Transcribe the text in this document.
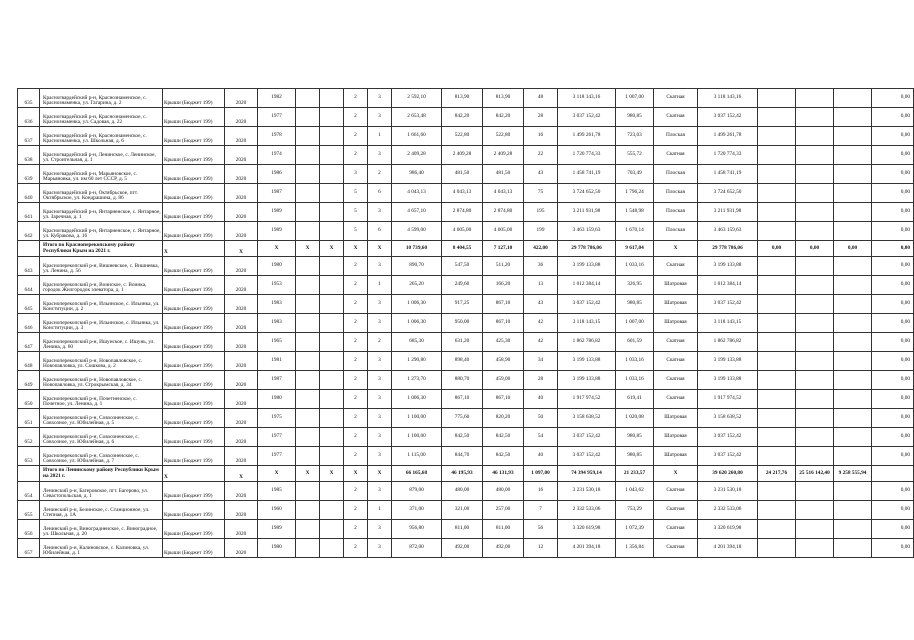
635	Красногвардейский р-н, Краснознаменское, с. Краснознаменка, ул. Гагарина, д. 2	Крыши (Бюджет 199)	2020	1982			2	3	2 592,10	813,90	813,90	48	3 118 143,16	1 007,00	Скатная	3 118 143,16				0,00
636	Красногвардейский р-н, Краснознаменское, с. Краснознаменка, ул. Садовая, д. 22	Крыши (Бюджет 199)	2020	1977			2	3	2 653,48	842,20	842,20	28	3 037 152,42	980,85	Скатная	3 037 152,42				0,00
637	Красногвардейский р-н, Краснознаменское, с. Краснознаменка, ул. Школьная, д. 6	Крыши (Бюджет 199)	2020	1978			2	1	1 661,60	522,80	522,80	16	1 499 261,78	723,03	Плоская	1 499 261,78				0,00
638	Красногвардейский р-н, Ленинское, с. Ленинское, ул. Строительная, д. 1	Крыши (Бюджет 199)	2020	1974			2	3	2 409,28	2 409,28	2 409,28	22	1 720 774,33	555,72	Скатная	1 720 774,33				0,00
639	Красногвардейский р-н, Марьяновское, с. Марьяновка, ул. им 60 лет СССР, д. 5	Крыши (Бюджет 199)	2020	1986			3	2	986,40	481,50	481,50	43	1 458 741,19	703,49	Плоская	1 458 741,19				0,00
640	Красногвардейский р-н, Октябрьское, пгт. Октябрьское, ул. Кондрашина, д. 86	Крыши (Бюджет 199)	2020	1987			5	6	4 043,13	4 043,13	4 043,13	75	3 724 652,50	1 796,24	Плоская	3 724 652,50				0,00
641	Красногвардейский р-н, Янтарненское, с. Янтарное, ул. Заречная, д. 1	Крыши (Бюджет 199)	2020	1989			5	3	4 657,10	2 874,80	2 874,80	195	3 211 931,98	1 548,98	Плоская	3 211 931,98				0,00
642	Красногвардейский р-н, Янтарненское, с. Янтарное, ул. Кубракова, д. 16	Крыши (Бюджет 199)	2020	1989			5	6	4 599,00	4 005,00	4 005,00	199	3 463 159,63	1 670,14	Плоская	3 463 159,63				0,00
	Итого по Красноперекопскому району Республики Крым на 2021 г.	X	X	X	X	X	X	X	10 739,60	8 404,55	7 127,10	422,00	29 778 786,06	9 617,04	X	29 778 786,06	0,00	0,00	0,00	0,00
643	Красноперекопский р-н, Вишневское, с. Вишневка, ул. Ленина, д. 56	Крыши (Бюджет 199)	2020	1980			2	3	890,70	547,50	511,20	36	3 199 133,88	1 033,16	Скатная	3 199 133,88				0,00
644	Красноперекопский р-н, Воинское, с. Воинка, городок Жилгородок элеватора, д. 1	Крыши (Бюджет 199)	2020	1953			2	1	265,20	249,60	166,20	13	1 012 384,14	326,95	Шатровая	1 012 384,14				0,00
645	Красноперекопский р-н, Ильинское, с. Ильинка, ул. Конституции, д. 2	Крыши (Бюджет 199)	2020	1983			2	3	1 006,30	917,25	867,10	43	3 037 152,42	980,85	Шатровая	3 037 152,42				0,00
646	Красноперекопский р-н, Ильинское, с. Ильинка, ул. Конституции, д. 3	Крыши (Бюджет 199)	2020	1983			2	3	1 006,30	950,00	867,10	42	3 118 143,15	1 007,00	Шатровая	3 118 143,15				0,00
647	Красноперекопский р-н, Ишунское, с. Ишунь, ул. Ленина, д. 60	Крыши (Бюджет 199)	2020	1965			2	2	685,30	631,20	425,30	42	1 862 786,82	601,59	Скатная	1 862 786,82				0,00
648	Красноперекопский р-н, Новопавловское, с. Новопавловка, ул. Сошкова, д. 2	Крыши (Бюджет 199)	2020	1981			2	3	1 290,80	898,40	458,90	34	3 199 133,88	1 033,16	Скатная	3 199 133,88				0,00
649	Красноперекопский р-н, Новопавловское, с. Новопавловка, ул. Строкрымская, д. 34	Крыши (Бюджет 199)	2020	1987			2	3	1 273,70	880,70	459,00	28	3 199 133,88	1 033,16	Скатная	3 199 133,88				0,00
650	Красноперекопский р-н, Почетненское, с. Почетное, ул. Ленина, д. 1	Крыши (Бюджет 199)	2020	1980			2	3	1 006,30	867,10	867,10	40	1 917 974,52	619,41	Скатная	1 917 974,52				0,00
651	Красноперекопский р-н, Совхозненское, с. Совхозное, ул. Юбилейная, д. 5	Крыши (Бюджет 199)	2020	1975			2	3	1 100,00	775,60	820,20	50	3 158 638,52	1 020,08	Шатровая	3 158 638,52				0,00
652	Красноперекопский р-н, Совхозненское, с. Совхозное, ул. Юбилейная, д. 6	Крыши (Бюджет 199)	2020	1977			2	3	1 100,00	842,50	842,50	54	3 037 152,42	980,85	Шатровая	3 037 152,42				0,00
653	Красноперекопский р-н, Совхозненское, с. Совхозное, ул. Юбилейная, д. 7	Крыши (Бюджет 199)	2020	1977			2	3	1 115,00	844,70	842,50	40	3 037 152,42	980,85	Шатровая	3 037 152,42				0,00
	Итого по Ленинскому району Республики Крым на 2021 г.	X	X	X	X	X	X	X	66 165,68	46 195,93	46 131,93	1 097,00	74 394 959,14	21 233,57	X	39 620 260,80	24 217,76	25 516 142,40	9 258 555,94	
654	Ленинский р-н, Багеровское, пгт. Багерово, ул. Севастопольская, д. 1	Крыши (Бюджет 199)	2020	1985			2	3	879,00	480,00	480,00	16	3 231 530,18	1 043,62	Скатная	3 231 530,18				0,00
655	Ленинский р-н, Белинское, с. Станционное, ул. Степная, д. 1А	Крыши (Бюджет 199)	2020	1960			2	1	371,00	321,00	257,00	7	2 332 533,06	753,29	Скатная	2 332 533,06				0,00
656	Ленинский р-н, Виноградненское, с. Виноградное, ул. Школьная, д. 20	Крыши (Бюджет 199)	2020	1989			2	3	956,80	811,00	811,00	56	3 320 619,98	1 072,39	Скатная	3 320 619,98				0,00
657	Ленинский р-н, Калиновское, с. Калиновка, ул. Юбилейная, д. 1	Крыши (Бюджет 199)	2020	1980			2	3	872,00	492,00	492,00	12	4 201 394,18	1 356,84	Скатная	4 201 394,18				0,00
